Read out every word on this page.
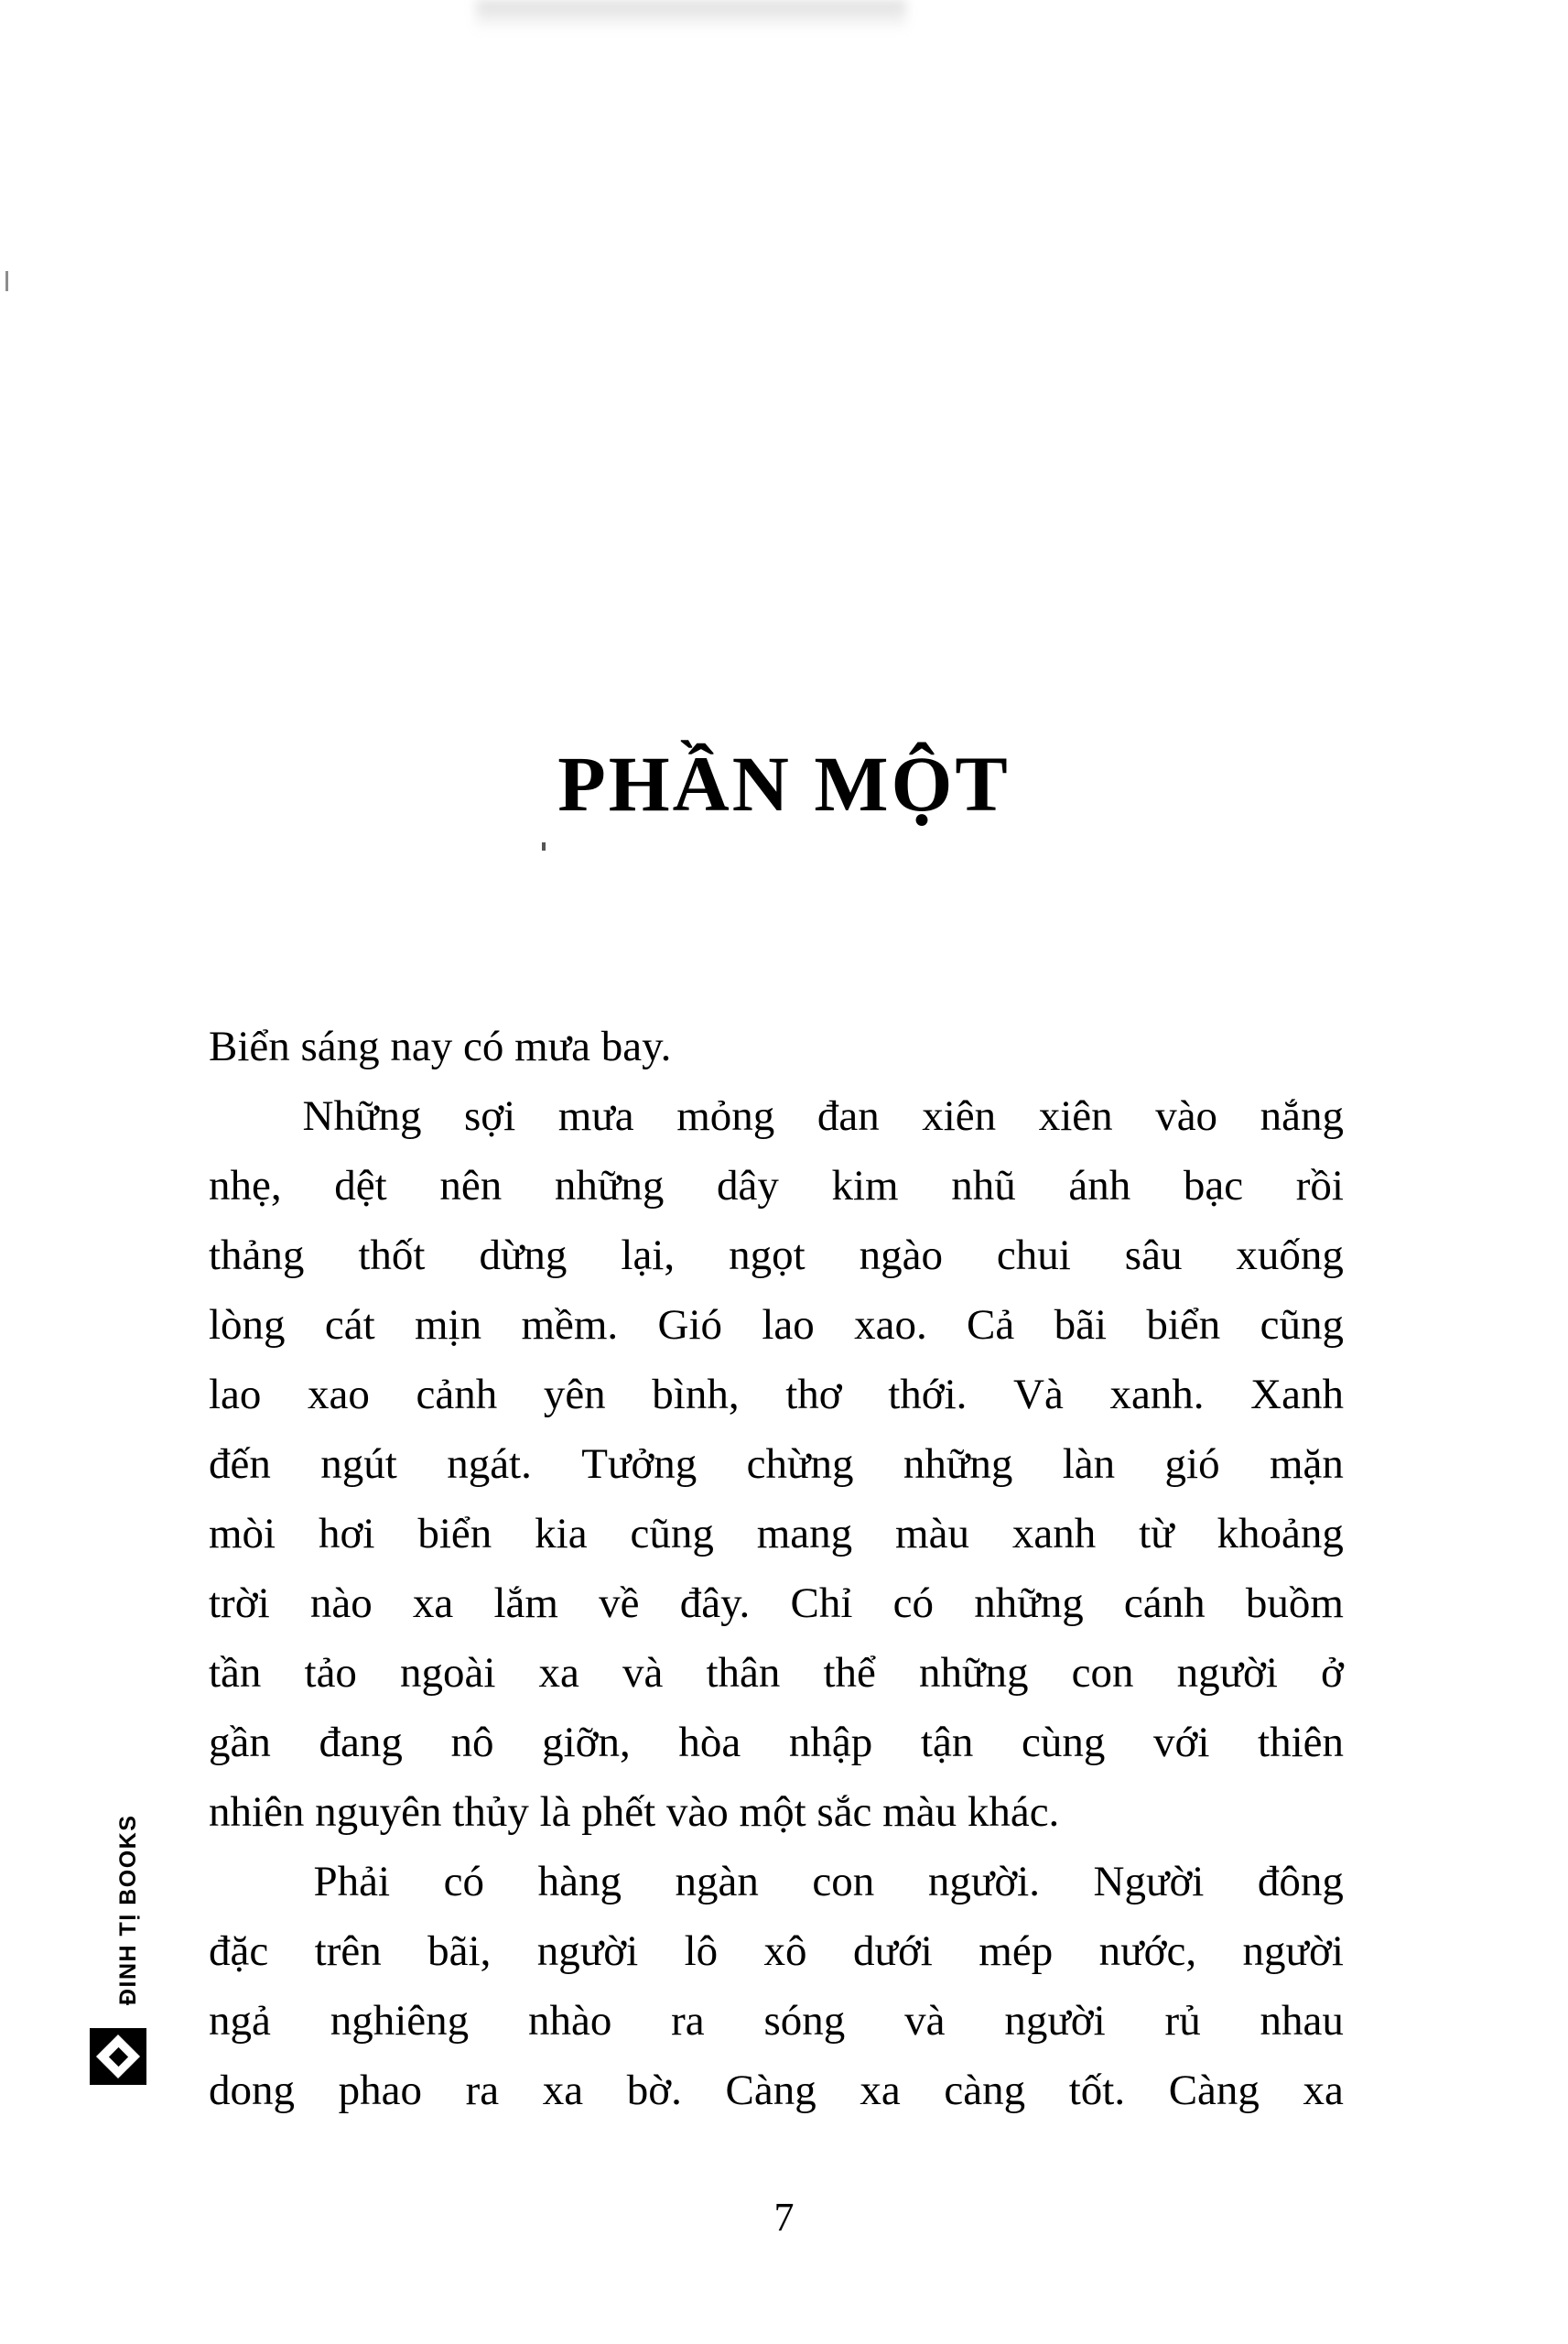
PHẦN MỘT

Biển sáng nay có mưa bay.

Những sợi mưa mỏng đan xiên xiên vào nắng
nhẹ, dệt nên những dây kim nhũ ánh bạc rồi
thảng thốt dừng lại, ngọt ngào chui sâu xuống
lòng cát mịn mềm. Gió lao xao. Cả bãi biển cũng
lao xao cảnh yên bình, thơ thới. Và xanh. Xanh
đến ngút ngát. Tưởng chừng những làn gió mặn
mòi hơi biển kia cũng mang màu xanh từ khoảng
trời nào xa lắm về đây. Chỉ có những cánh buồm
tần tảo ngoài xa và thân thể những con người ở
gần đang nô giỡn, hòa nhập tận cùng với thiên
nhiên nguyên thủy là phết vào một sắc màu khác.

Phải có hàng ngàn con người. Người đông
đặc trên bãi, người lô xô dưới mép nước, người
ngả nghiêng nhào ra sóng và người rủ nhau
dong phao ra xa bờ. Càng xa càng tốt. Càng xa

ĐINH TỊ BOOKS
7
